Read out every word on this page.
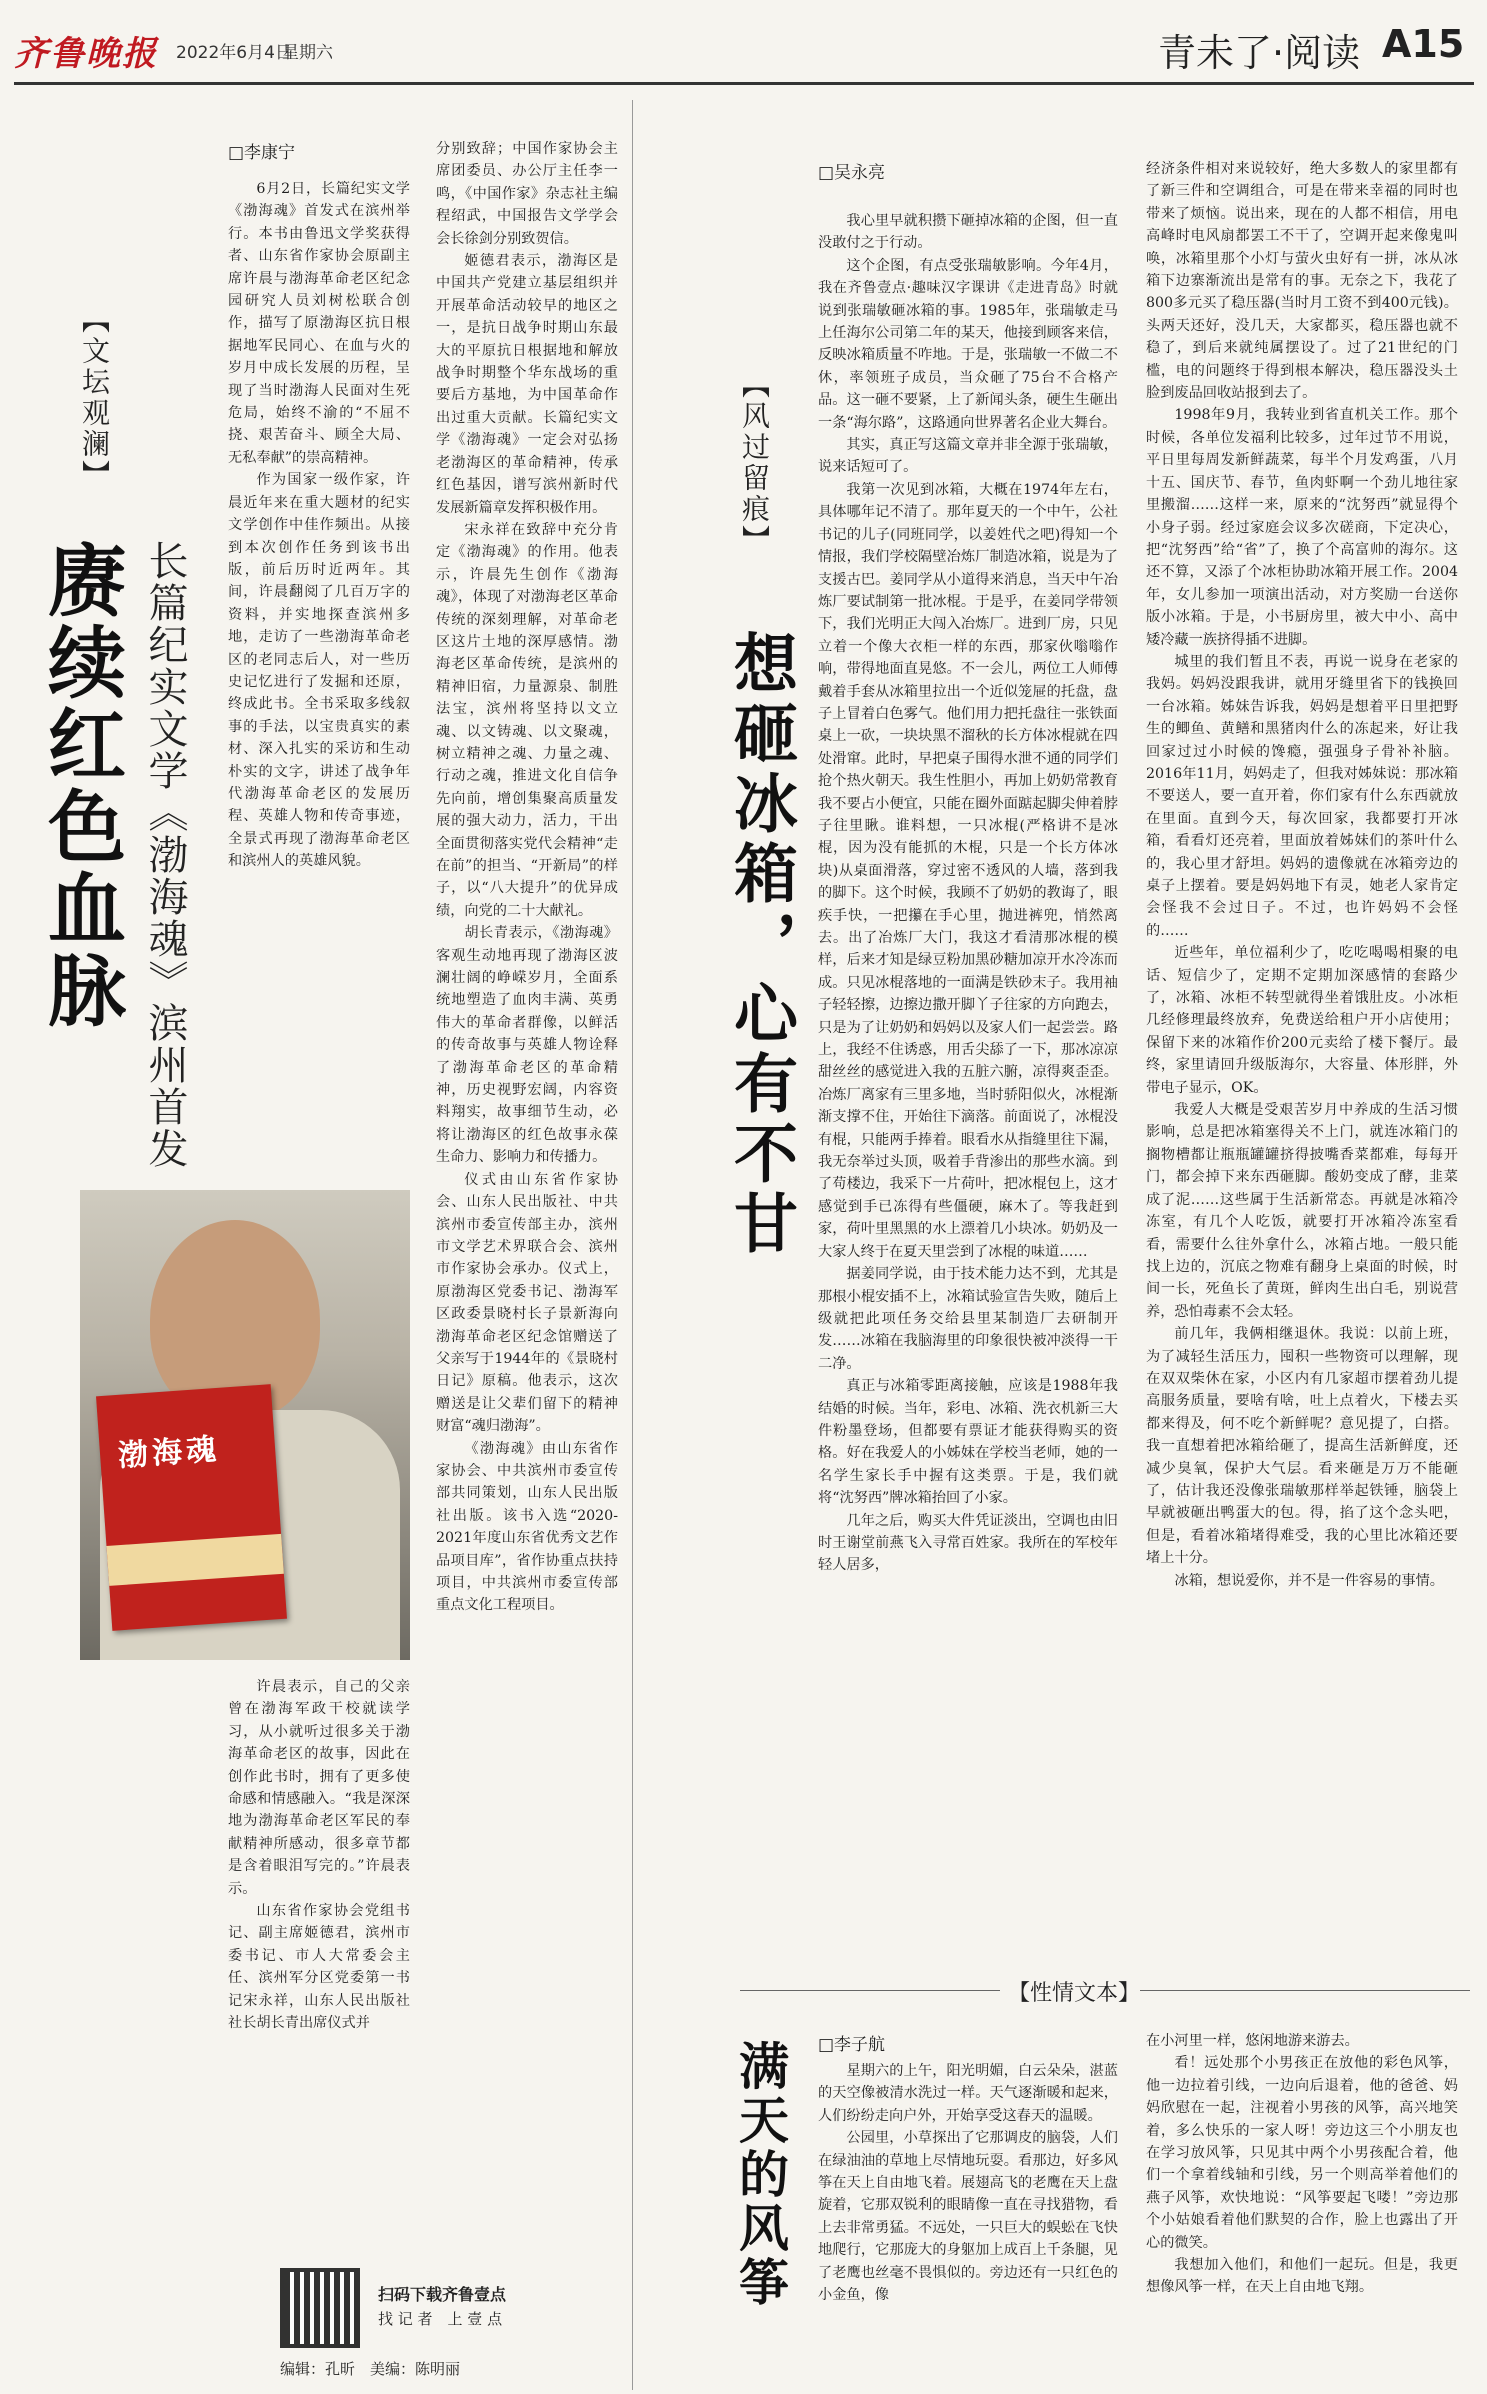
齐鲁晚报 2022年6月4日
星期六	青未了·阅读 A15
【文坛观澜】
赓续红色血脉 长篇纪实文学《渤海魂》滨州首发
□李康宁

6月2日，长篇纪实文学《渤海魂》首发式在滨州举行。本书由鲁迅文学奖获得者、山东省作家协会原副主席许晨与渤海革命老区纪念园研究人员刘树松联合创作，描写了原渤海区抗日根据地军民同心、在血与火的岁月中成长发展的历程，呈现了当时渤海人民面对生死危局，始终不渝的“不屈不挠、艰苦奋斗、顾全大局、无私奉献”的崇高精神。

作为国家一级作家，许晨近年来在重大题材的纪实文学创作中佳作频出。从接到本次创作任务到该书出版，前后历时近两年。其间，许晨翻阅了几百万字的资料，并实地探查滨州多地，走访了一些渤海革命老区的老同志后人，对一些历史记忆进行了发掘和还原，终成此书。全书采取多线叙事的手法，以宝贵真实的素材、深入扎实的采访和生动朴实的文字，讲述了战争年代渤海革命老区的发展历程、英雄人物和传奇事迹，全景式再现了渤海革命老区和滨州人的英雄风貌。

渤海魂

许晨表示，自己的父亲曾在渤海军政干校就读学习，从小就听过很多关于渤海革命老区的故事，因此在创作此书时，拥有了更多使命感和情感融入。“我是深深地为渤海革命老区军民的奉献精神所感动，很多章节都是含着眼泪写完的。”许晨表示。

山东省作家协会党组书记、副主席姬德君，滨州市委书记、市人大常委会主任、滨州军分区党委第一书记宋永祥，山东人民出版社社长胡长青出席仪式并

分别致辞；中国作家协会主席团委员、办公厅主任李一鸣，《中国作家》杂志社主编程绍武，中国报告文学学会会长徐剑分别致贺信。

姬德君表示，渤海区是中国共产党建立基层组织并开展革命活动较早的地区之一，是抗日战争时期山东最大的平原抗日根据地和解放战争时期整个华东战场的重要后方基地，为中国革命作出过重大贡献。长篇纪实文学《渤海魂》一定会对弘扬老渤海区的革命精神，传承红色基因，谱写滨州新时代发展新篇章发挥积极作用。

宋永祥在致辞中充分肯定《渤海魂》的作用。他表示，许晨先生创作《渤海魂》，体现了对渤海老区革命传统的深刻理解，对革命老区这片土地的深厚感情。渤海老区革命传统，是滨州的精神旧宿，力量源泉、制胜法宝，滨州将坚持以文立魂、以文铸魂、以文聚魂，树立精神之魂、力量之魂、行动之魂，推进文化自信争先向前，增创集聚高质量发展的强大动力，活力，干出全面贯彻落实党代会精神“走在前”的担当、“开新局”的样子，以“八大提升”的优异成绩，向党的二十大献礼。

胡长青表示，《渤海魂》客观生动地再现了渤海区波澜壮阔的峥嵘岁月，全面系统地塑造了血肉丰满、英勇伟大的革命者群像，以鲜活的传奇故事与英雄人物诠释了渤海革命老区的革命精神，历史视野宏阔，内容资料翔实，故事细节生动，必将让渤海区的红色故事永葆生命力、影响力和传播力。

仪式由山东省作家协会、山东人民出版社、中共滨州市委宣传部主办，滨州市文学艺术界联合会、滨州市作家协会承办。仪式上，原渤海区党委书记、渤海军区政委景晓村长子景新海向渤海革命老区纪念馆赠送了父亲写于1944年的《景晓村日记》原稿。他表示，这次赠送是让父辈们留下的精神财富“魂归渤海”。

《渤海魂》由山东省作家协会、中共滨州市委宣传部共同策划，山东人民出版社出版。该书入选“2020-2021年度山东省优秀文艺作品项目库”，省作协重点扶持项目，中共滨州市委宣传部重点文化工程项目。

扫码下载齐鲁壹点
找 记 者　上 壹 点
编辑：孔昕　美编：陈明丽
【风过留痕】
想砸冰箱，心有不甘
□吴永亮

我心里早就积攒下砸掉冰箱的企图，但一直没敢付之于行动。

这个企图，有点受张瑞敏影响。今年4月，我在齐鲁壹点·趣味汉字课讲《走进青岛》时就说到张瑞敏砸冰箱的事。1985年，张瑞敏走马上任海尔公司第二年的某天，他接到顾客来信，反映冰箱质量不咋地。于是，张瑞敏一不做二不休，率领班子成员，当众砸了75台不合格产品。这一砸不要紧，上了新闻头条，硬生生砸出一条“海尔路”，这路通向世界著名企业大舞台。

其实，真正写这篇文章并非全源于张瑞敏，说来话短可了。

我第一次见到冰箱，大概在1974年左右，具体哪年记不清了。那年夏天的一个中午，公社书记的儿子(同班同学，以姜姓代之吧)得知一个情报，我们学校隔壁冶炼厂制造冰箱，说是为了支援古巴。姜同学从小道得来消息，当天中午冶炼厂要试制第一批冰棍。于是乎，在姜同学带领下，我们光明正大闯入冶炼厂。进到厂房，只见立着一个像大衣柜一样的东西，那家伙嗡嗡作响，带得地面直晃悠。不一会儿，两位工人师傅戴着手套从冰箱里拉出一个近似笼屉的托盘，盘子上冒着白色雾气。他们用力把托盘往一张铁面桌上一砍，一块块黑不溜秋的长方体冰棍就在四处滑窜。此时，早把桌子围得水泄不通的同学们抢个热火朝天。我生性胆小，再加上奶奶常教育我不要占小便宜，只能在圈外面踮起脚尖伸着脖子往里瞅。谁料想，一只冰棍(严格讲不是冰棍，因为没有能抓的木棍，只是一个长方体冰块)从桌面滑落，穿过密不透风的人墙，落到我的脚下。这个时候，我顾不了奶奶的教诲了，眼疾手快，一把攥在手心里，抛进裤兜，悄然离去。出了冶炼厂大门，我这才看清那冰棍的模样，后来才知是绿豆粉加黑砂糖加凉开水冷冻而成。只见冰棍落地的一面满是铁砂末子。我用袖子轻轻擦，边擦边撒开脚丫子往家的方向跑去，只是为了让奶奶和妈妈以及家人们一起尝尝。路上，我经不住诱惑，用舌尖舔了一下，那冰凉凉甜丝丝的感觉进入我的五脏六腑，凉得爽歪歪。冶炼厂离家有三里多地，当时骄阳似火，冰棍渐渐支撑不住，开始往下滴落。前面说了，冰棍没有棍，只能两手捧着。眼看水从指缝里往下漏，我无奈举过头顶，吸着手背渗出的那些水滴。到了苟楼边，我采下一片荷叶，把冰棍包上，这才感觉到手已冻得有些僵硬，麻木了。等我赶到家，荷叶里黑黑的水上漂着几小块冰。奶奶及一大家人终于在夏天里尝到了冰棍的味道……

据姜同学说，由于技术能力达不到，尤其是那根小棍安插不上，冰箱试验宣告失败，随后上级就把此项任务交给县里某制造厂去研制开发……冰箱在我脑海里的印象很快被冲淡得一干二净。

真正与冰箱零距离接触，应该是1988年我结婚的时候。当年，彩电、冰箱、洗衣机新三大件粉墨登场，但都要有票证才能获得购买的资格。好在我爱人的小姊妹在学校当老师，她的一名学生家长手中握有这类票。于是，我们就将“沈努西”牌冰箱抬回了小家。

几年之后，购买大件凭证淡出，空调也由旧时王谢堂前燕飞入寻常百姓家。我所在的军校年轻人居多，

经济条件相对来说较好，绝大多数人的家里都有了新三件和空调组合，可是在带来幸福的同时也带来了烦恼。说出来，现在的人都不相信，用电高峰时电风扇都罢工不干了，空调开起来像鬼叫唤，冰箱里那个小灯与萤火虫好有一拼，冰从冰箱下边寨渐流出是常有的事。无奈之下，我花了800多元买了稳压器(当时月工资不到400元钱)。头两天还好，没几天，大家都买，稳压器也就不稳了，到后来就纯属摆设了。过了21世纪的门槛，电的问题终于得到根本解决，稳压器没头土脸到废品回收站报到去了。

1998年9月，我转业到省直机关工作。那个时候，各单位发福利比较多，过年过节不用说，平日里每周发新鲜蔬菜，每半个月发鸡蛋，八月十五、国庆节、春节，鱼肉虾啊一个劲儿地往家里搬溜……这样一来，原来的“沈努西”就显得个小身子弱。经过家庭会议多次磋商，下定决心，把“沈努西”给“省”了，换了个高富帅的海尔。这还不算，又添了个冰柜协助冰箱开展工作。2004年，女儿参加一项演出活动，对方奖励一台送你版小冰箱。于是，小书厨房里，被大中小、高中矮冷藏一族挤得插不进脚。

城里的我们暂且不表，再说一说身在老家的我妈。妈妈没跟我讲，就用牙缝里省下的钱换回一台冰箱。姊妹告诉我，妈妈是想着平日里把野生的鲫鱼、黄鳝和黑猪肉什么的冻起来，好让我回家过过小时候的馋瘾，强强身子骨补补脑。2016年11月，妈妈走了，但我对姊妹说：那冰箱不要送人，要一直开着，你们家有什么东西就放在里面。直到今天，每次回家，我都要打开冰箱，看看灯还亮着，里面放着姊妹们的茶叶什么的，我心里才舒坦。妈妈的遗像就在冰箱旁边的桌子上摆着。要是妈妈地下有灵，她老人家肯定会怪我不会过日子。不过，也许妈妈不会怪的……

近些年，单位福利少了，吃吃喝喝相聚的电话、短信少了，定期不定期加深感情的套路少了，冰箱、冰柜不转型就得坐着饿肚皮。小冰柜几经修理最终放弃，免费送给租户开小店使用；保留下来的冰箱作价200元卖给了楼下餐厅。最终，家里请回升级版海尔，大容量、体形胖，外带电子显示，OK。

我爱人大概是受艰苦岁月中养成的生活习惯影响，总是把冰箱塞得关不上门，就连冰箱门的搁物槽都让瓶瓶罐罐挤得披嘴香菜都难，每每开门，都会掉下来东西砸脚。酸奶变成了酵，韭菜成了泥……这些属于生活新常态。再就是冰箱冷冻室，有几个人吃饭，就要打开冰箱冷冻室看看，需要什么往外拿什么，冰箱占地。一般只能找上边的，沉底之物难有翻身上桌面的时候，时间一长，死鱼长了黄斑，鲜肉生出白毛，别说营养，恐怕毒素不会太轻。

前几年，我俩相继退休。我说：以前上班，为了减轻生活压力，囤积一些物资可以理解，现在双双柴休在家，小区内有几家超市摆着劲儿提高服务质量，要啥有啥，吐上点着火，下楼去买都来得及，何不吃个新鲜呢？意见提了，白搭。我一直想着把冰箱给砸了，提高生活新鲜度，还减少臭氧，保护大气层。看来砸是万万不能砸了，估计我还没像张瑞敏那样举起铁锤，脑袋上早就被砸出鸭蛋大的包。得，掐了这个念头吧，但是，看着冰箱堵得难受，我的心里比冰箱还要堵上十分。

冰箱，想说爱你，并不是一件容易的事情。

【性情文本】
满天的风筝 □李子航

星期六的上午，阳光明媚，白云朵朵，湛蓝的天空像被清水洗过一样。天气逐渐暖和起来，人们纷纷走向户外，开始享受这春天的温暖。

公园里，小草探出了它那调皮的脑袋，人们在绿油油的草地上尽情地玩耍。看那边，好多风筝在天上自由地飞着。展翅高飞的老鹰在天上盘旋着，它那双锐利的眼睛像一直在寻找猎物，看上去非常勇猛。不远处，一只巨大的蜈蚣在飞快地爬行，它那庞大的身躯加上成百上千条腿，见了老鹰也丝毫不畏惧似的。旁边还有一只红色的小金鱼，像

在小河里一样，悠闲地游来游去。

看！远处那个小男孩正在放他的彩色风筝，他一边拉着引线，一边向后退着，他的爸爸、妈妈欣慰在一起，注视着小男孩的风筝，高兴地笑着，多么快乐的一家人呀！旁边这三个小朋友也在学习放风筝，只见其中两个小男孩配合着，他们一个拿着线轴和引线，另一个则高举着他们的燕子风筝，欢快地说：“风筝要起飞喽！”旁边那个小姑娘看着他们默契的合作，脸上也露出了开心的微笑。

我想加入他们，和他们一起玩。但是，我更想像风筝一样，在天上自由地飞翔。
